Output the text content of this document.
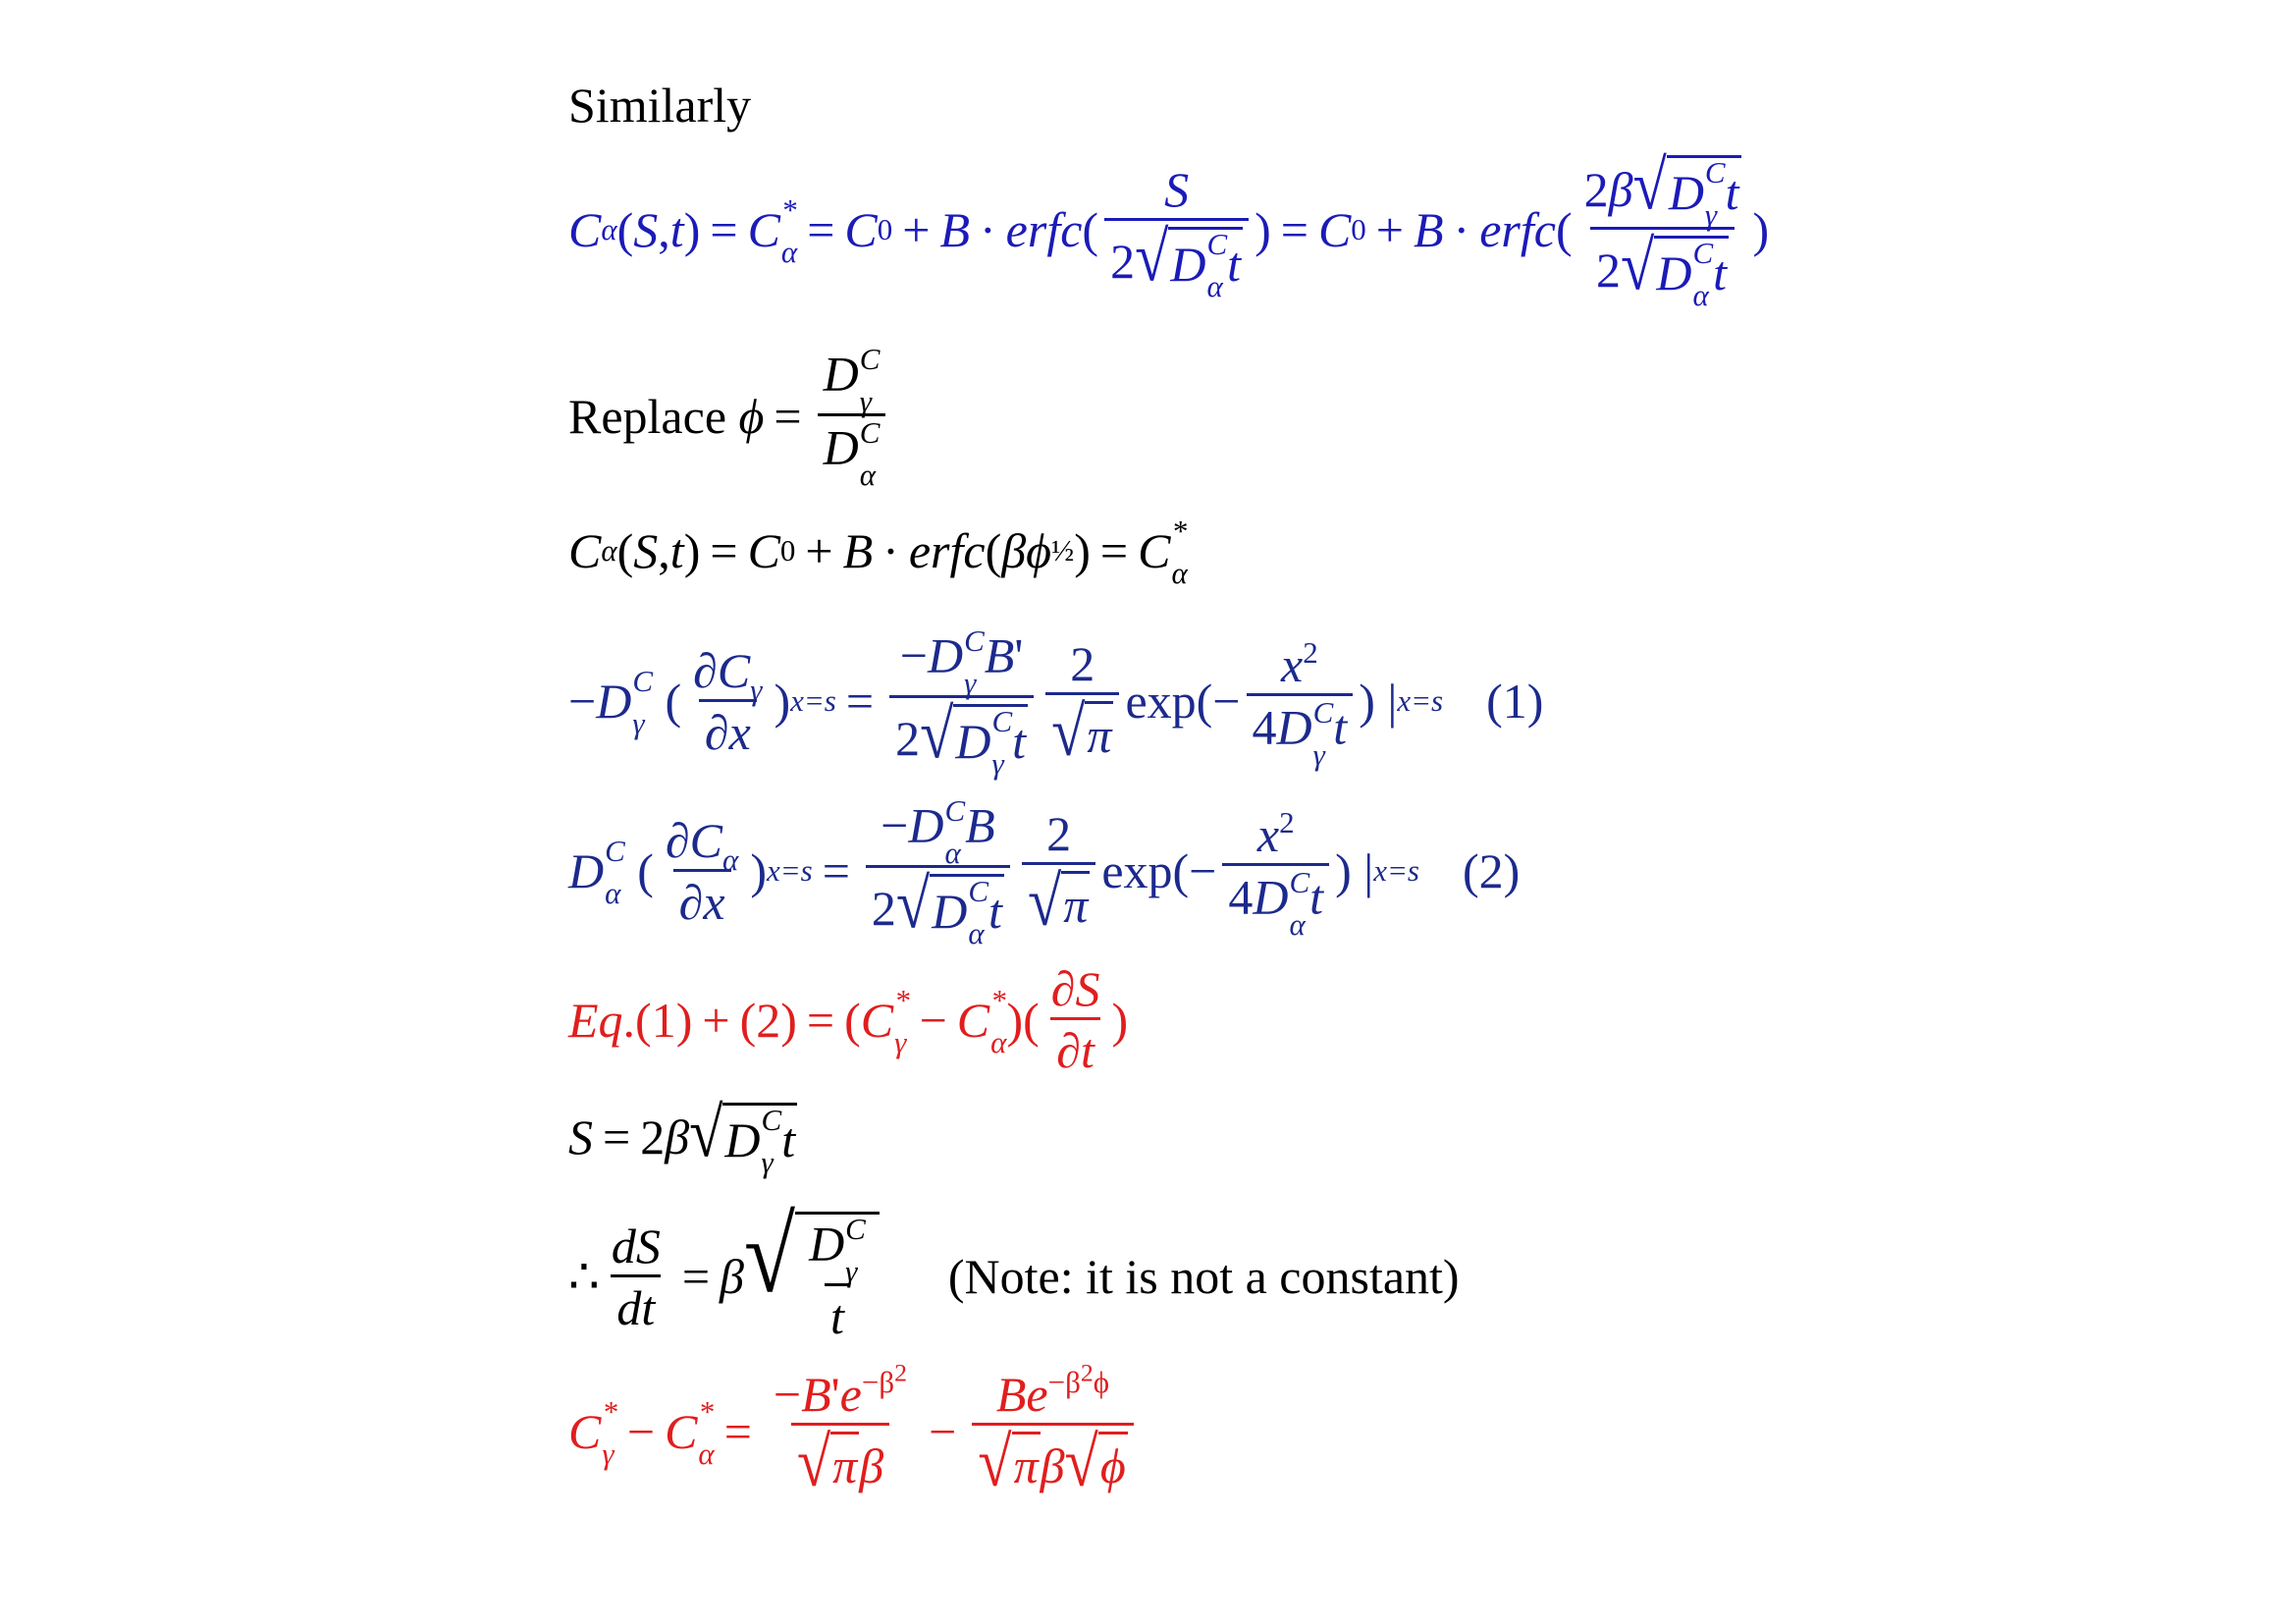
Similarly
C α ( S , t ) = C *
α = C 0 + B · erfc ( S
2 √ D C
α t ) = C 0 + B · erfc ( 2β √ D C
γ t
2 √ D C
α t )
Replace
ϕ = D C
γ
D C
α
C α ( S , t ) = C 0 + B · erfc ( βϕ ½ ) = C *
α
− D C
γ ( $\frac{\partial C_\gamma}{\partial x}$ ) x=s = −D C
γ
B'
2 √ D C
γ t $\frac{2}{√ \pi} \exp(- x^2$
4D C
γ
t ) | x=s (1)
D C
α ( $\frac{\partial C_\alpha}{\partial x}$ ) x=s = −D C
α
B
2 √ D C
α t $\frac{2}{√ \pi} \exp(- x^2$
4D C
α
t ) | x=s (2)
Eq .(1) + (2) = ( C *
γ − C *
α )( $\frac{\partial S}{\partial t}$ )
S = 2 β √ D C
γ t
∴ $\frac{dS}{dt} = \beta$ √ D C
γ
t (Note: it is not a constant)
C *
γ − C *
$\alpha = \frac{-B'e^{-\beta^2}}{\text{√ π β}} - \frac{Be^{-\beta^2\phi}}{\text{√ π β √ ϕ}}$
